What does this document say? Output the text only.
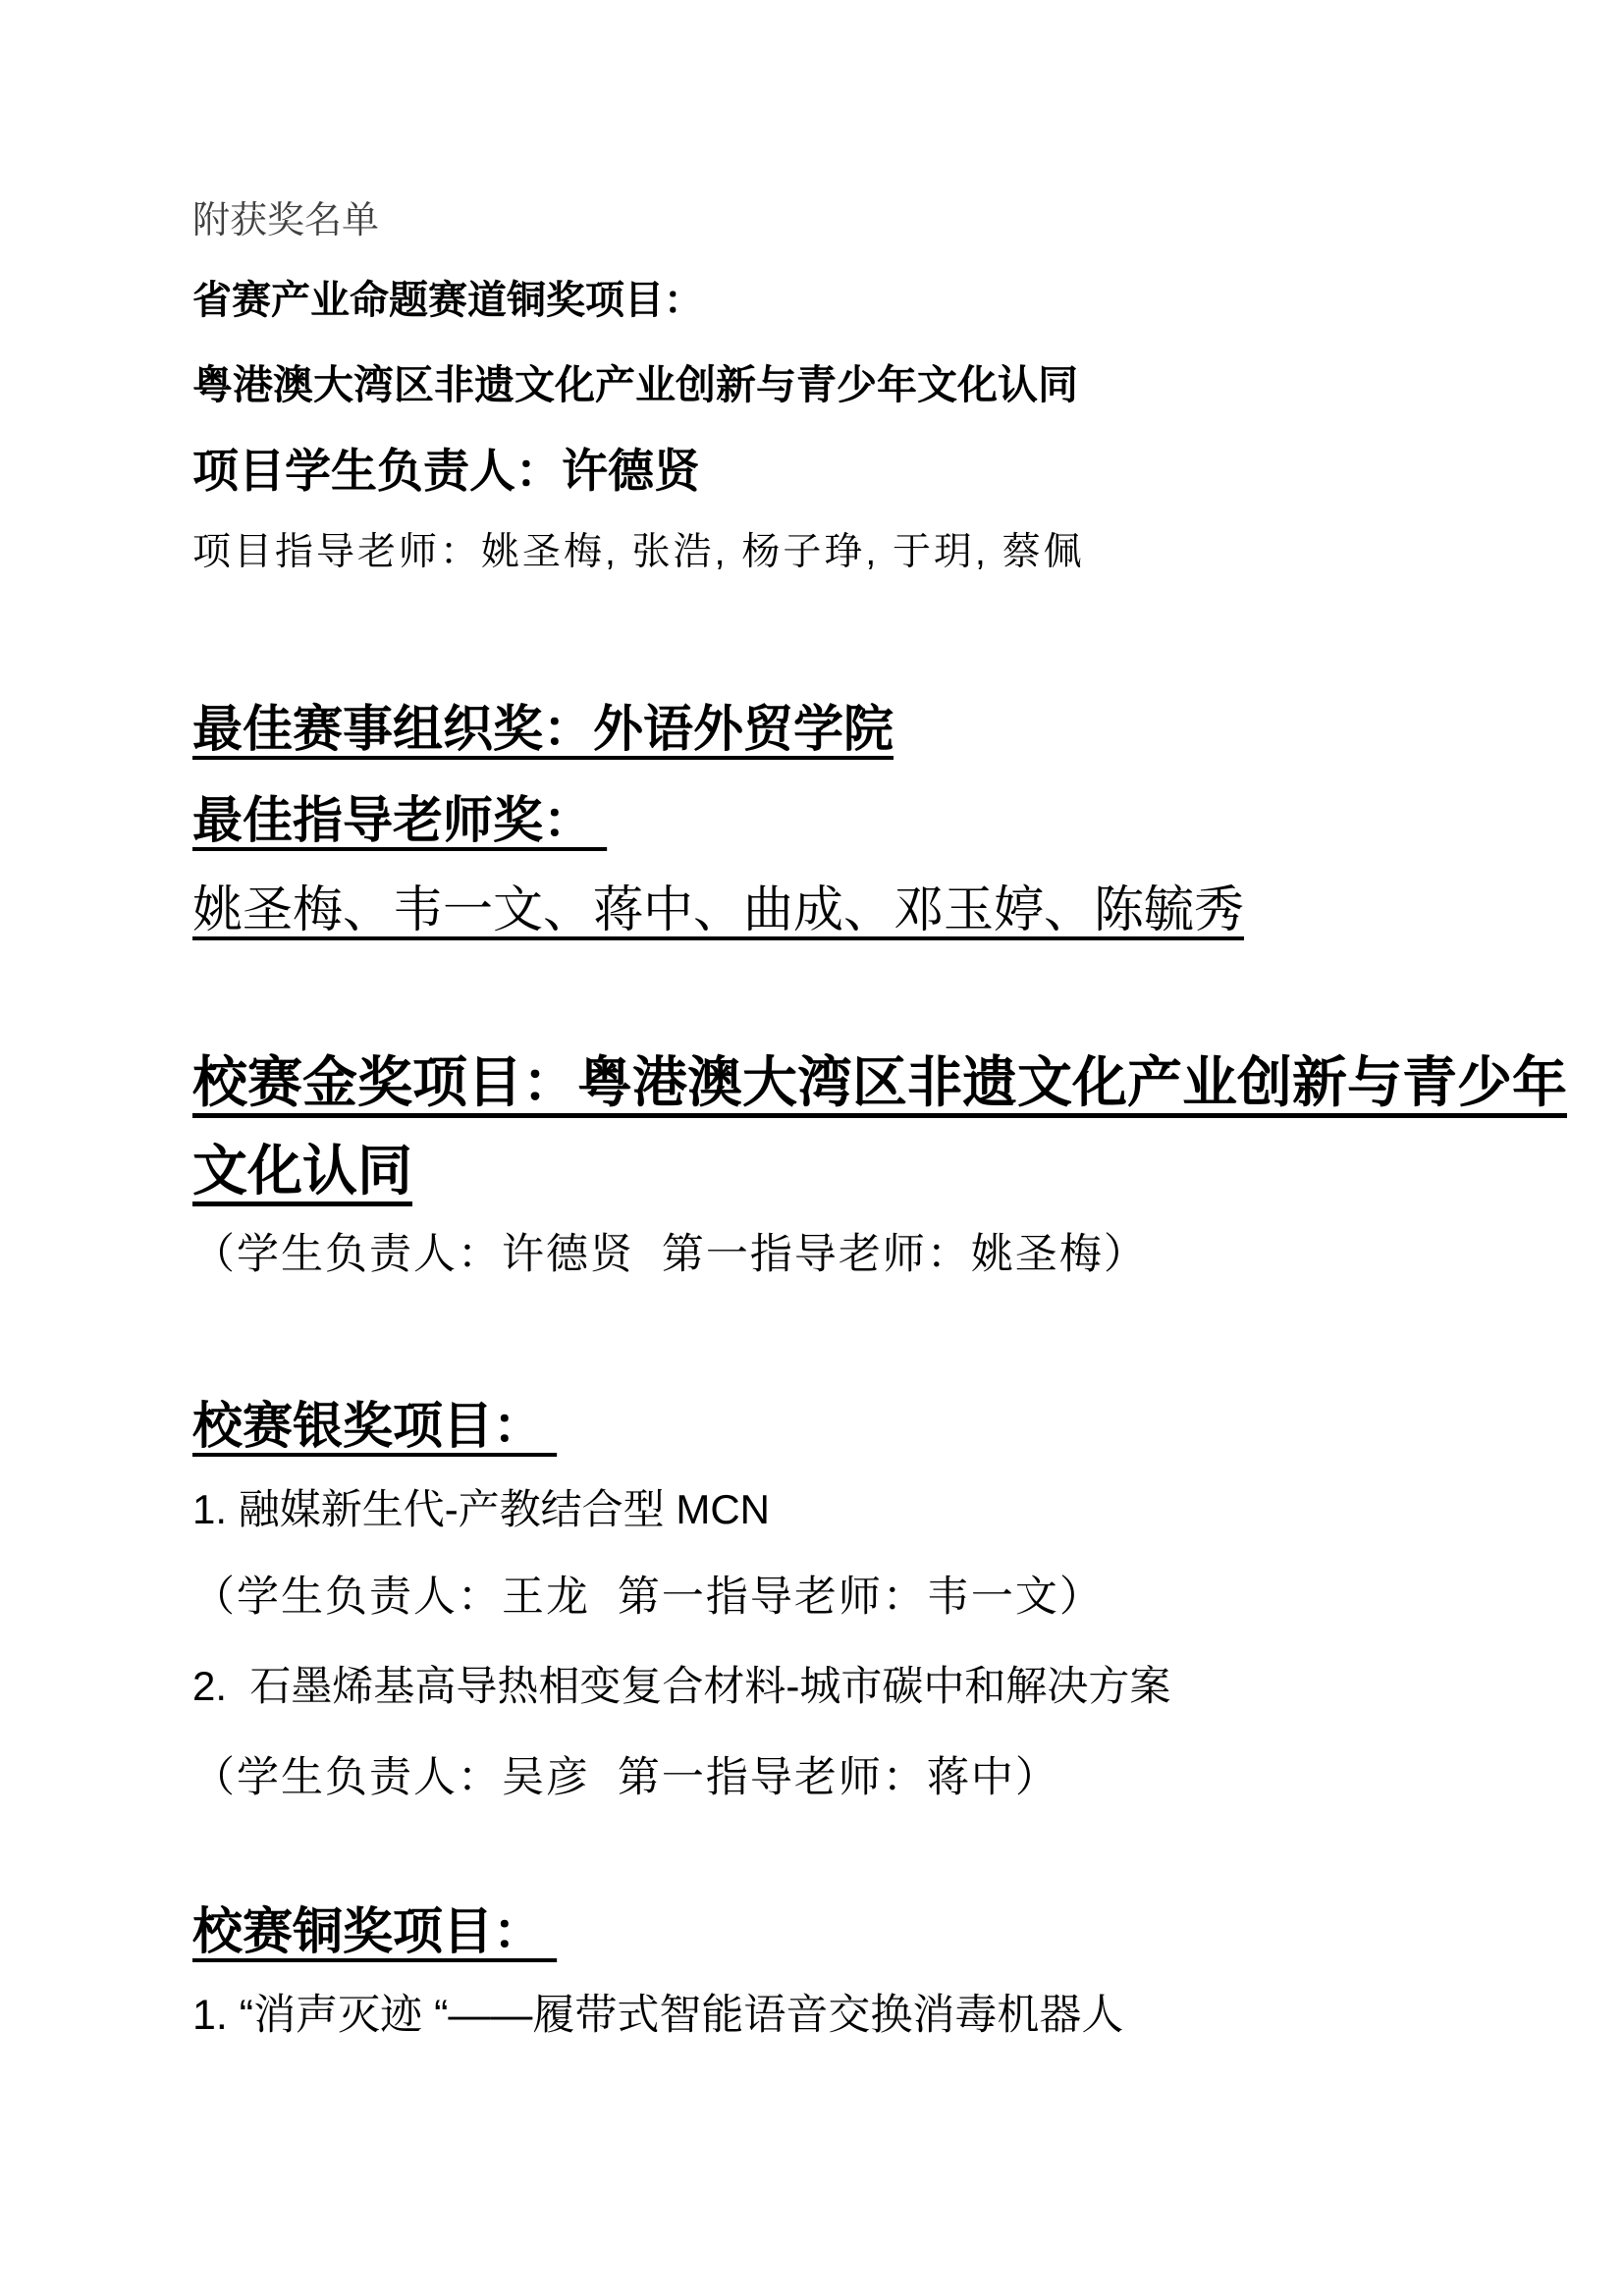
附获奖名单
省赛产业命题赛道铜奖项目：
粤港澳大湾区非遗文化产业创新与青少年文化认同
项目学生负责人：许德贤
项目指导老师：姚圣梅, 张浩, 杨子琤, 于玥, 蔡佩
最佳赛事组织奖：外语外贸学院
最佳指导老师奖：
姚圣梅、韦一文、蒋中、曲成、邓玉婷、陈毓秀
校赛金奖项目：粤港澳大湾区非遗文化产业创新与青少年
文化认同
（学生负责人：许德贤  第一指导老师：姚圣梅）
校赛银奖项目：
1. 融媒新生代-产教结合型 MCN
（学生负责人：王龙  第一指导老师：韦一文）
2.  石墨烯基高导热相变复合材料-城市碳中和解决方案
（学生负责人：吴彦  第一指导老师：蒋中）
校赛铜奖项目：
1. “消声灭迹 “——履带式智能语音交换消毒机器人
